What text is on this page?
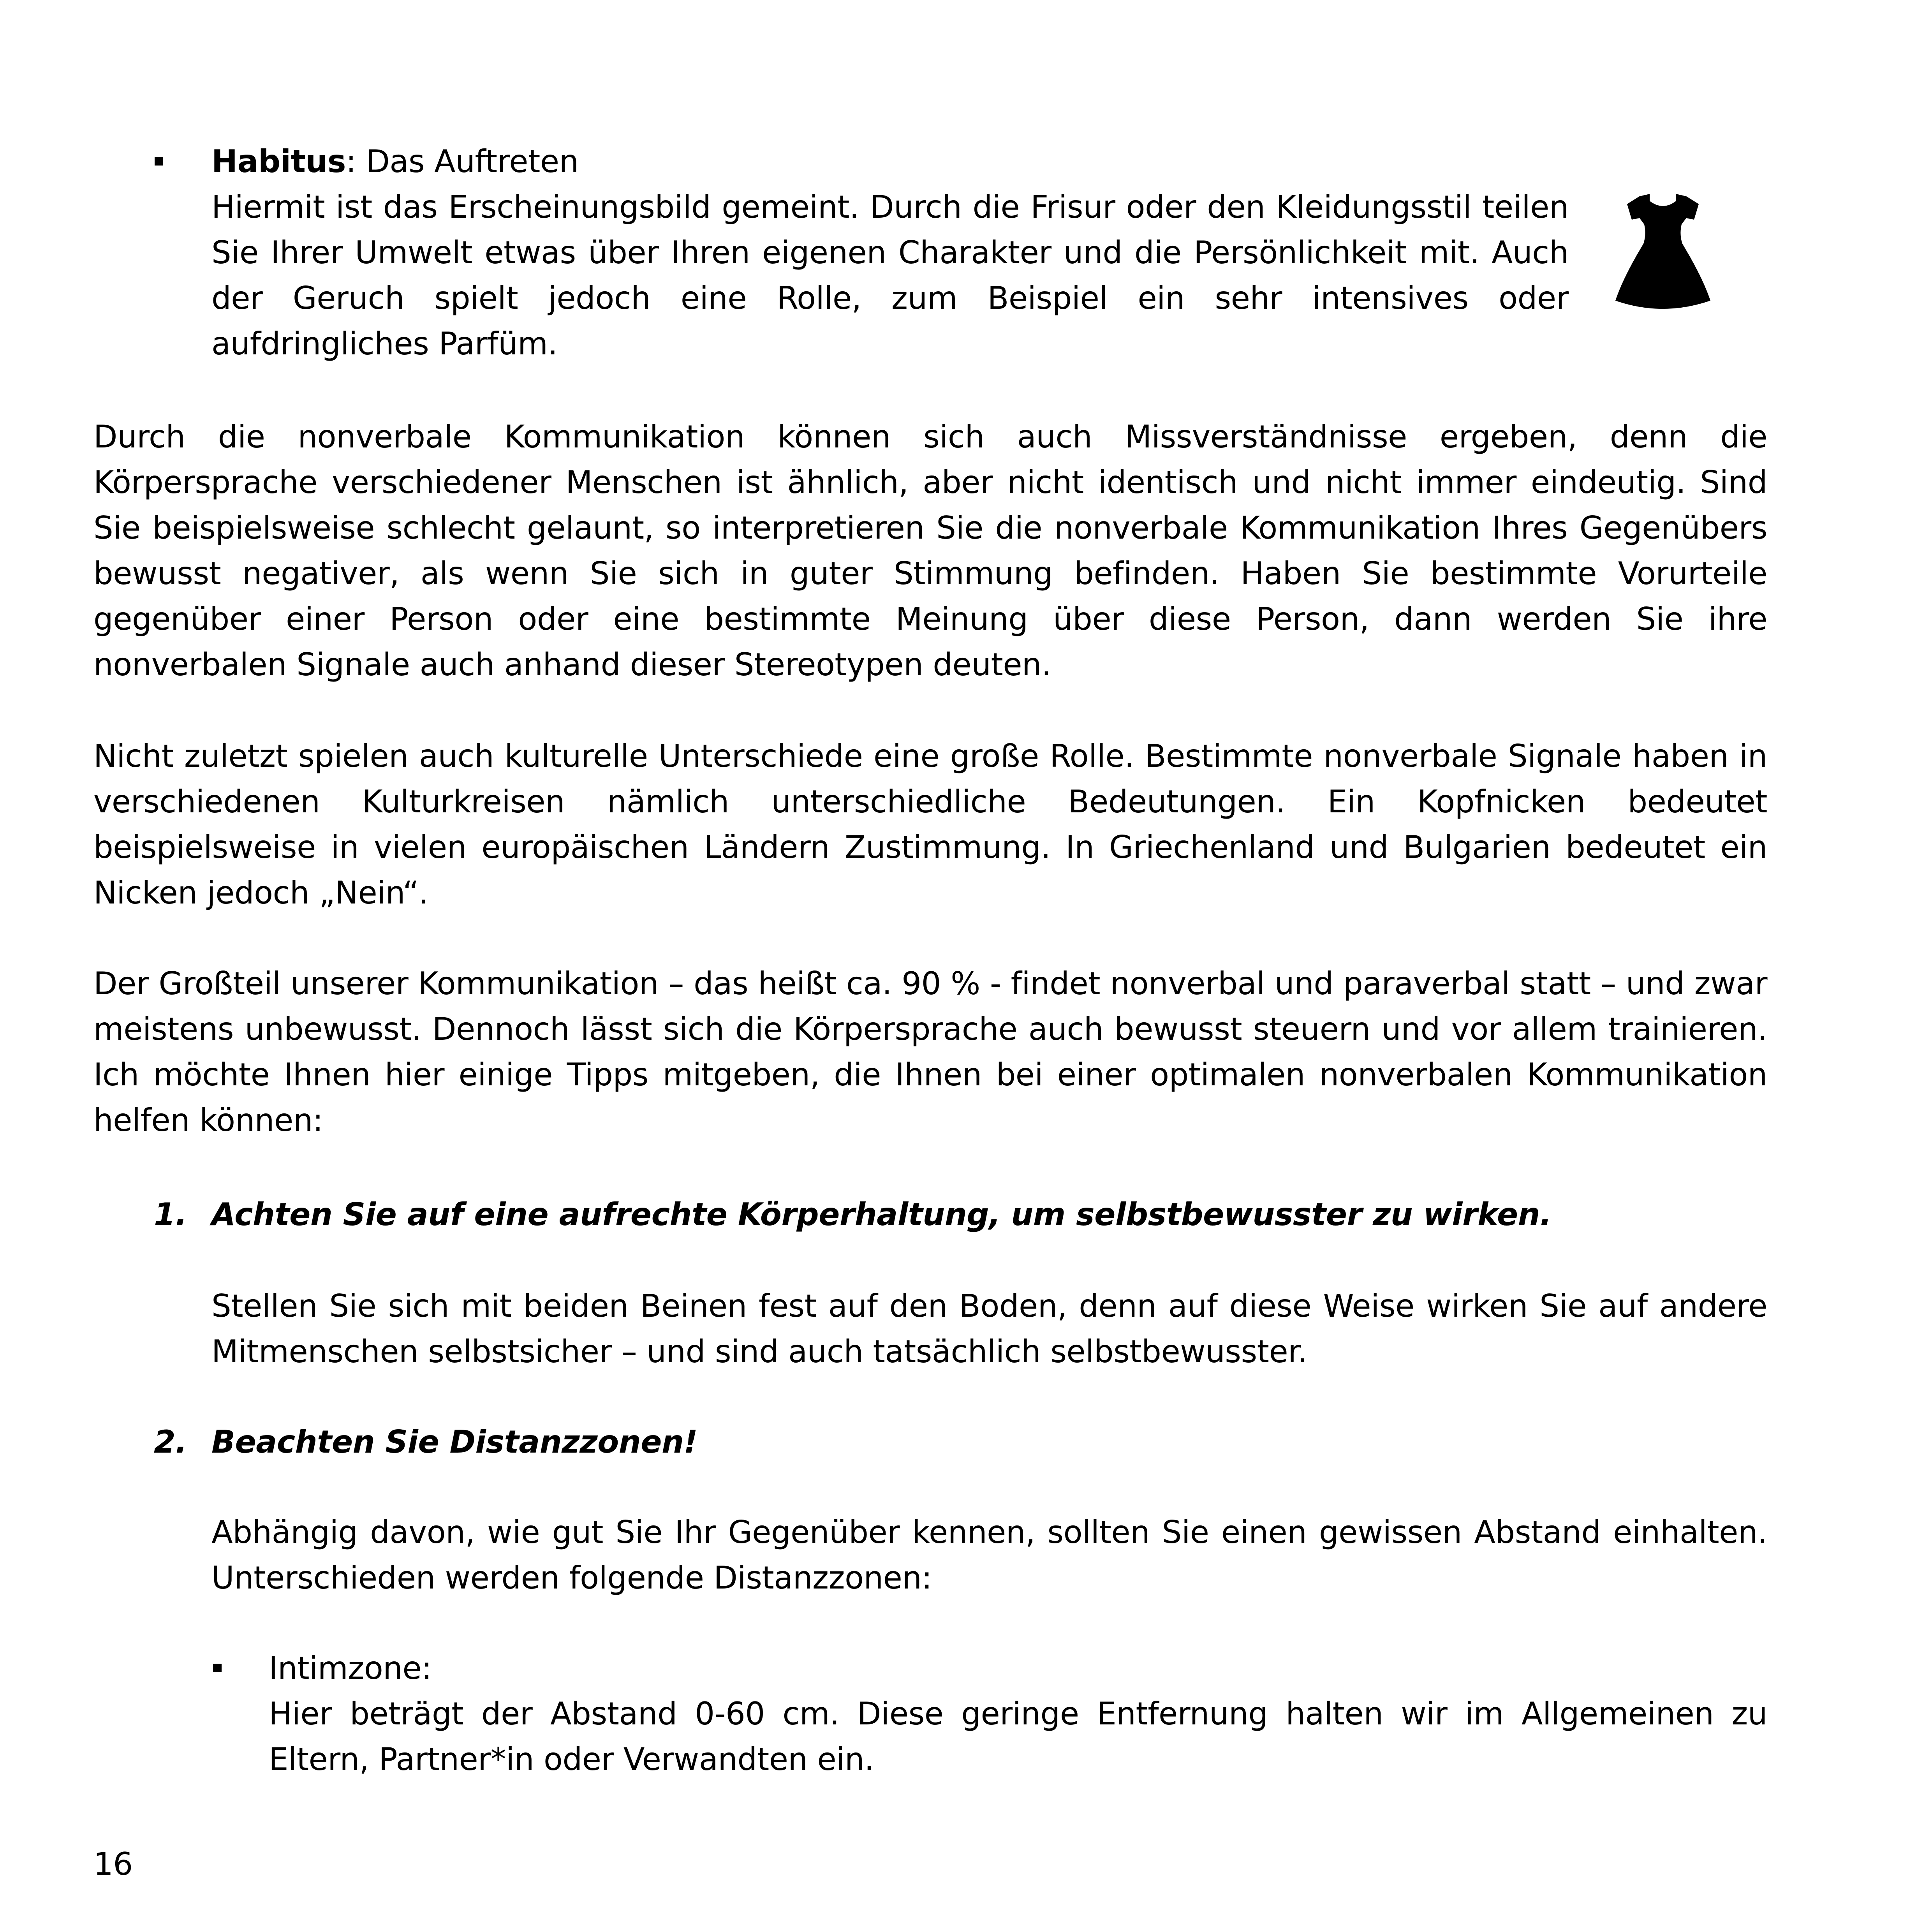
Habitus: Das Auftreten

Hiermit ist das Erscheinungsbild gemeint. Durch die Frisur oder den Kleidungsstil teilen Sie Ihrer Umwelt etwas über Ihren eigenen Charakter und die Persönlichkeit mit. Auch der Geruch spielt jedoch eine Rolle, zum Beispiel ein sehr intensives oder aufdringliches Parfüm.

Durch die nonverbale Kommunikation können sich auch Missverständnisse ergeben, denn die Körpersprache verschiedener Menschen ist ähnlich, aber nicht identisch und nicht immer eindeutig. Sind Sie beispielsweise schlecht gelaunt, so interpretieren Sie die nonverbale Kommunikation Ihres Gegenübers bewusst negativer, als wenn Sie sich in guter Stimmung befinden. Haben Sie bestimmte Vorurteile gegenüber einer Person oder eine bestimmte Meinung über diese Person, dann werden Sie ihre nonverbalen Signale auch anhand dieser Stereotypen deuten.

Nicht zuletzt spielen auch kulturelle Unterschiede eine große Rolle. Bestimmte nonverbale Signale haben in verschiedenen Kulturkreisen nämlich unterschiedliche Bedeutungen. Ein Kopfnicken bedeutet beispielsweise in vielen europäischen Ländern Zustimmung. In Griechenland und Bulgarien bedeutet ein Nicken jedoch „Nein“.

Der Großteil unserer Kommunikation – das heißt ca. 90 % - findet nonverbal und paraverbal statt – und zwar meistens unbewusst. Dennoch lässt sich die Körpersprache auch bewusst steuern und vor allem trainieren. Ich möchte Ihnen hier einige Tipps mitgeben, die Ihnen bei einer optimalen nonverbalen Kommunikation helfen können:

1. Achten Sie auf eine aufrechte Körperhaltung, um selbstbewusster zu wirken.

Stellen Sie sich mit beiden Beinen fest auf den Boden, denn auf diese Weise wirken Sie auf andere Mitmenschen selbstsicher – und sind auch tatsächlich selbstbewusster.

2. Beachten Sie Distanzzonen!

Abhängig davon, wie gut Sie Ihr Gegenüber kennen, sollten Sie einen gewissen Abstand einhalten. Unterschieden werden folgende Distanzzonen:

Intimzone:

Hier beträgt der Abstand 0-60 cm. Diese geringe Entfernung halten wir im Allgemeinen zu Eltern, Partner*in oder Verwandten ein.

16
